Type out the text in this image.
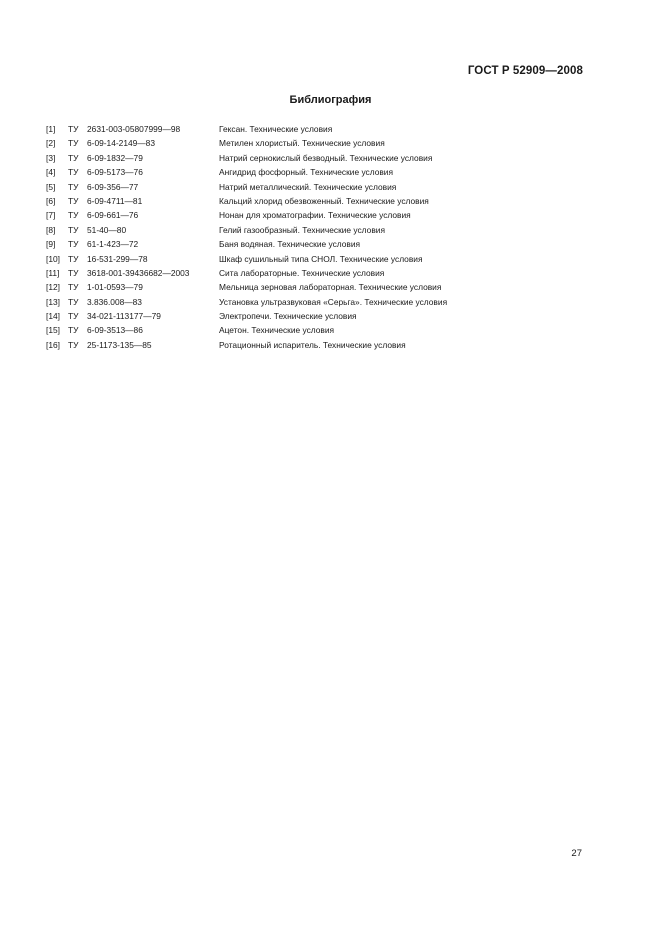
ГОСТ Р 52909—2008
Библиография
[1] ТУ 2631-003-05807999—98	Гексан. Технические условия
[2] ТУ 6-09-14-2149—83	Метилен хлористый. Технические условия
[3] ТУ 6-09-1832—79	Натрий сернокислый безводный. Технические условия
[4] ТУ 6-09-5173—76	Ангидрид фосфорный. Технические условия
[5] ТУ 6-09-356—77	Натрий металлический. Технические условия
[6] ТУ 6-09-4711—81	Кальций хлорид обезвоженный. Технические условия
[7] ТУ 6-09-661—76	Нонан для хроматографии. Технические условия
[8] ТУ 51-40—80	Гелий газообразный. Технические условия
[9] ТУ 61-1-423—72	Баня водяная. Технические условия
[10] ТУ 16-531-299—78	Шкаф сушильный типа СНОЛ. Технические условия
[11] ТУ 3618-001-39436682—2003	Сита лабораторные. Технические условия
[12] ТУ 1-01-0593—79	Мельница зерновая лабораторная. Технические условия
[13] ТУ 3.836.008—83	Установка ультразвуковая «Серьга». Технические условия
[14] ТУ 34-021-113177—79	Электропечи. Технические условия
[15] ТУ 6-09-3513—86	Ацетон. Технические условия
[16] ТУ 25-1173-135—85	Ротационный испаритель. Технические условия
27
